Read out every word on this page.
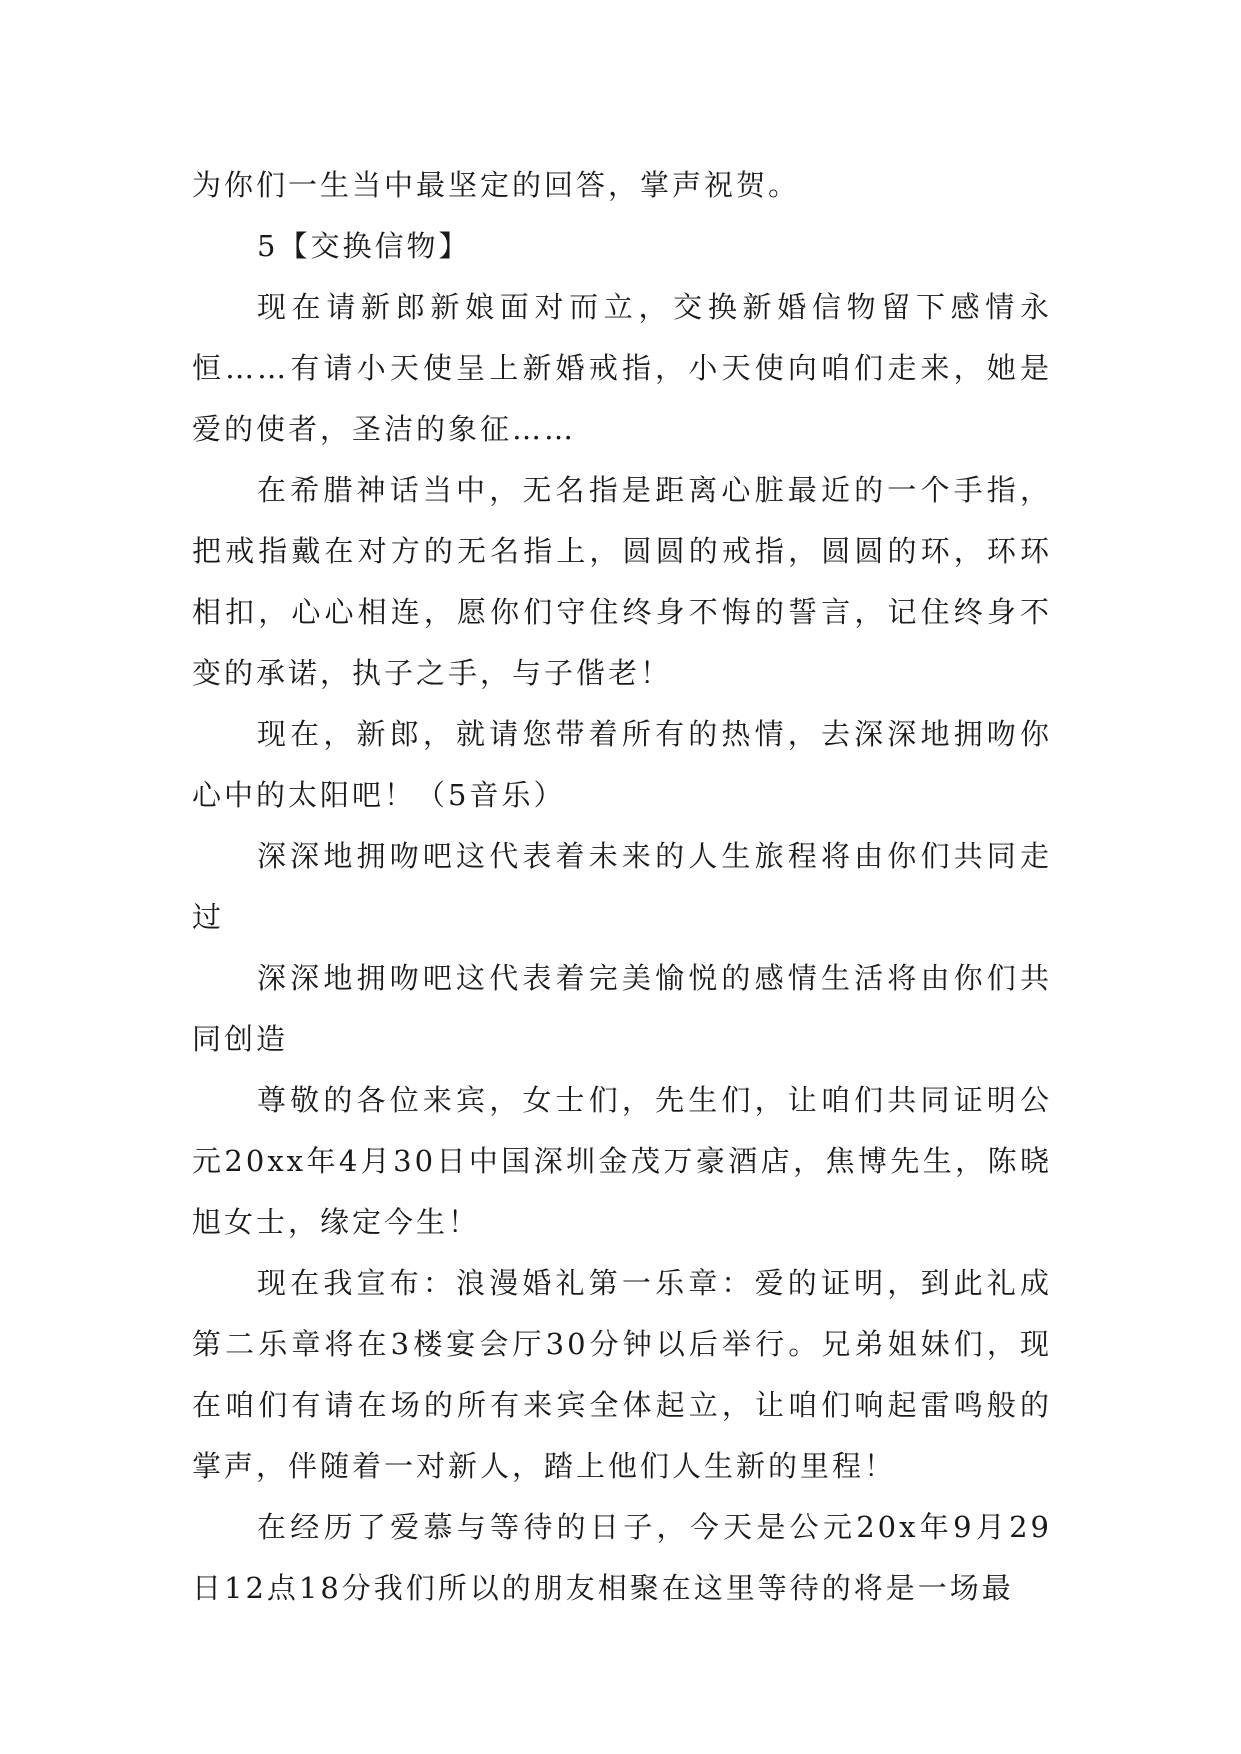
为你们一生当中最坚定的回答，掌声祝贺。

5【交换信物】

现在请新郎新娘面对而立，交换新婚信物留下感情永恒……有请小天使呈上新婚戒指，小天使向咱们走来，她是爱的使者，圣洁的象征……

在希腊神话当中，无名指是距离心脏最近的一个手指，把戒指戴在对方的无名指上，圆圆的戒指，圆圆的环，环环相扣，心心相连，愿你们守住终身不悔的誓言，记住终身不变的承诺，执子之手，与子偕老！

现在，新郎，就请您带着所有的热情，去深深地拥吻你心中的太阳吧！（5音乐）

深深地拥吻吧这代表着未来的人生旅程将由你们共同走过

深深地拥吻吧这代表着完美愉悦的感情生活将由你们共同创造

尊敬的各位来宾，女士们，先生们，让咱们共同证明公元20xx年4月30日中国深圳金茂万豪酒店，焦博先生，陈晓旭女士，缘定今生！

现在我宣布：浪漫婚礼第一乐章：爱的证明，到此礼成第二乐章将在3楼宴会厅30分钟以后举行。兄弟姐妹们，现在咱们有请在场的所有来宾全体起立，让咱们响起雷鸣般的掌声，伴随着一对新人，踏上他们人生新的里程！

在经历了爱慕与等待的日子，今天是公元20x年9月29日12点18分我们所以的朋友相聚在这里等待的将是一场最
